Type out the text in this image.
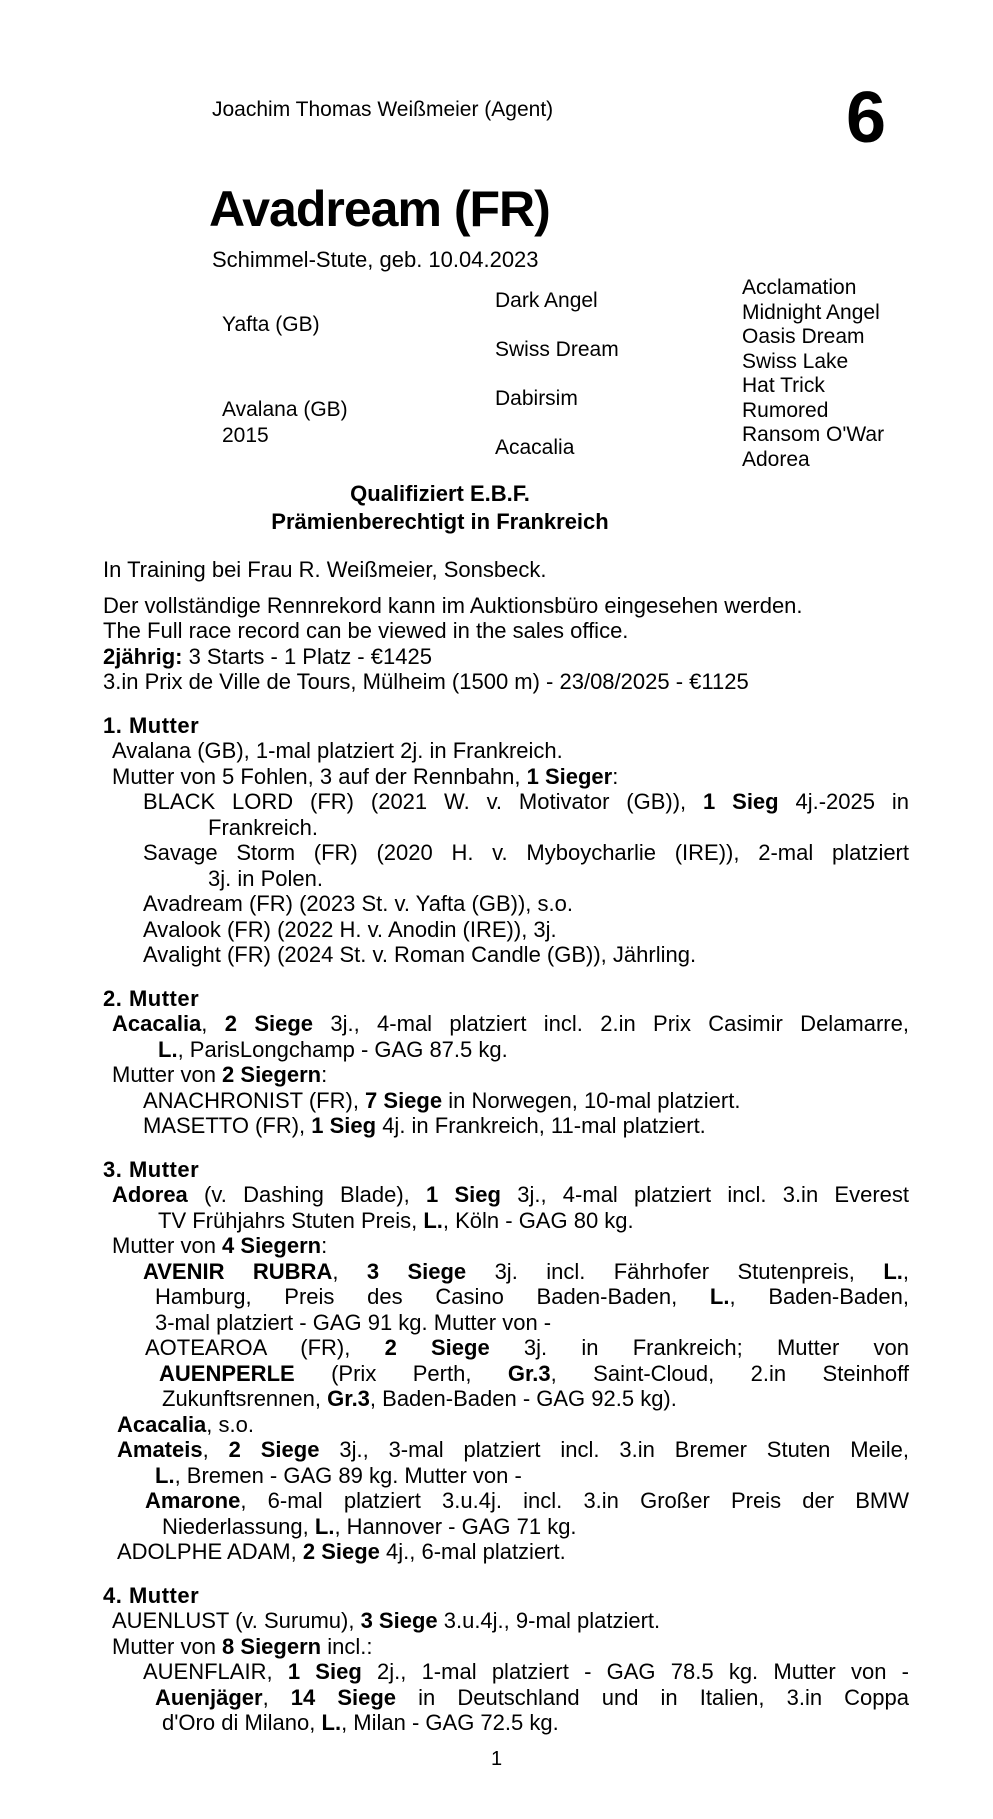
Joachim Thomas Weißmeier (Agent)	6
Avadream (FR)
Schimmel-Stute, geb. 10.04.2023
Yafta (GB)
Avalana (GB)
2015
Dark Angel
Swiss Dream
Dabirsim
Acacalia
Acclamation
Midnight Angel
Oasis Dream
Swiss Lake
Hat Trick
Rumored
Ransom O'War
Adorea
Qualifiziert E.B.F.
Prämienberechtigt in Frankreich
In Training bei Frau R. Weißmeier, Sonsbeck.
Der vollständige Rennrekord kann im Auktionsbüro eingesehen werden.
The Full race record can be viewed in the sales office.
2jährig: 3 Starts - 1 Platz - €1425
3.in Prix de Ville de Tours, Mülheim (1500 m) - 23/08/2025 - €1125
1. Mutter
Avalana (GB), 1-mal platziert 2j. in Frankreich.
Mutter von 5 Fohlen, 3 auf der Rennbahn, 1 Sieger:
BLACK LORD (FR) (2021 W. v. Motivator (GB)), 1 Sieg 4j.-2025 in
Frankreich.
Savage Storm (FR) (2020 H. v. Myboycharlie (IRE)), 2-mal platziert
3j. in Polen.
Avadream (FR) (2023 St. v. Yafta (GB)), s.o.
Avalook (FR) (2022 H. v. Anodin (IRE)), 3j.
Avalight (FR) (2024 St. v. Roman Candle (GB)), Jährling.
2. Mutter
Acacalia, 2 Siege 3j., 4-mal platziert incl. 2.in Prix Casimir Delamarre,
L., ParisLongchamp - GAG 87.5 kg.
Mutter von 2 Siegern:
ANACHRONIST (FR), 7 Siege in Norwegen, 10-mal platziert.
MASETTO (FR), 1 Sieg 4j. in Frankreich, 11-mal platziert.
3. Mutter
Adorea (v. Dashing Blade), 1 Sieg 3j., 4-mal platziert incl. 3.in Everest
TV Frühjahrs Stuten Preis, L., Köln - GAG 80 kg.
Mutter von 4 Siegern:
AVENIR RUBRA, 3 Siege 3j. incl. Fährhofer Stutenpreis, L.,
Hamburg, Preis des Casino Baden-Baden, L., Baden-Baden,
3-mal platziert - GAG 91 kg. Mutter von -
AOTEAROA (FR), 2 Siege 3j. in Frankreich; Mutter von
AUENPERLE (Prix Perth, Gr.3, Saint-Cloud, 2.in Steinhoff
Zukunftsrennen, Gr.3, Baden-Baden - GAG 92.5 kg).
Acacalia, s.o.
Amateis, 2 Siege 3j., 3-mal platziert incl. 3.in Bremer Stuten Meile,
L., Bremen - GAG 89 kg. Mutter von -
Amarone, 6-mal platziert 3.u.4j. incl. 3.in Großer Preis der BMW
Niederlassung, L., Hannover - GAG 71 kg.
ADOLPHE ADAM, 2 Siege 4j., 6-mal platziert.
4. Mutter
AUENLUST (v. Surumu), 3 Siege 3.u.4j., 9-mal platziert.
Mutter von 8 Siegern incl.:
AUENFLAIR, 1 Sieg 2j., 1-mal platziert - GAG 78.5 kg. Mutter von -
Auenjäger, 14 Siege in Deutschland und in Italien, 3.in Coppa
d'Oro di Milano, L., Milan - GAG 72.5 kg.
1
